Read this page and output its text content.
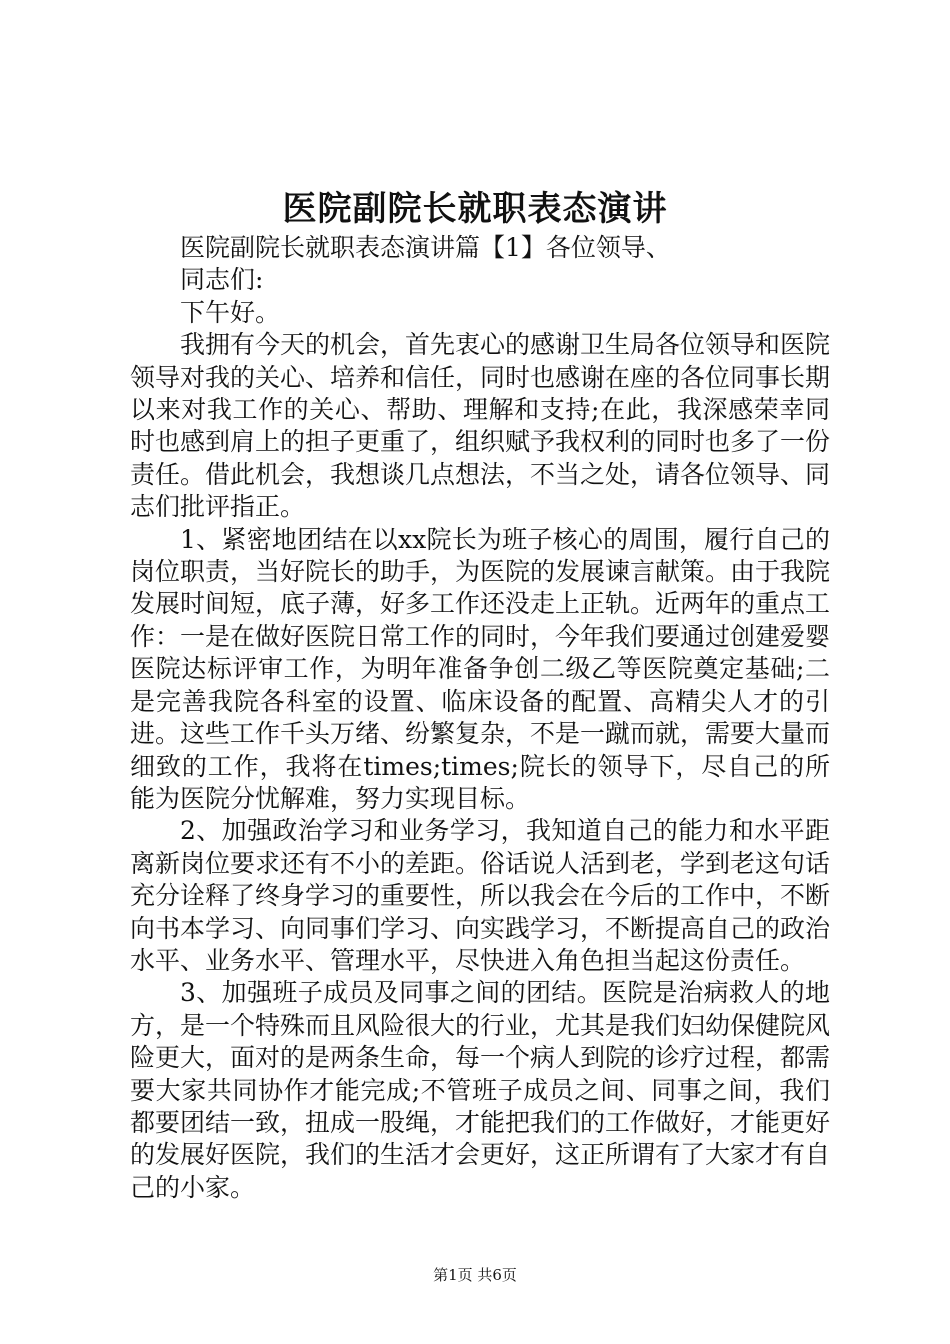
医院副院长就职表态演讲

医院副院长就职表态演讲篇【1】各位领导、

同志们:

下午好。

我拥有今天的机会，首先衷心的感谢卫生局各位领导和医院领导对我的关心、培养和信任，同时也感谢在座的各位同事长期以来对我工作的关心、帮助、理解和支持;在此，我深感荣幸同时也感到肩上的担子更重了，组织赋予我权利的同时也多了一份责任。借此机会，我想谈几点想法，不当之处，请各位领导、同志们批评指正。

1、紧密地团结在以xx院长为班子核心的周围，履行自己的岗位职责，当好院长的助手，为医院的发展谏言献策。由于我院发展时间短，底子薄，好多工作还没走上正轨。近两年的重点工作：一是在做好医院日常工作的同时，今年我们要通过创建爱婴医院达标评审工作，为明年准备争创二级乙等医院奠定基础;二是完善我院各科室的设置、临床设备的配置、高精尖人才的引进。这些工作千头万绪、纷繁复杂，不是一蹴而就，需要大量而细致的工作，我将在times;times;院长的领导下，尽自己的所能为医院分忧解难，努力实现目标。

2、加强政治学习和业务学习，我知道自己的能力和水平距离新岗位要求还有不小的差距。俗话说人活到老，学到老这句话充分诠释了终身学习的重要性，所以我会在今后的工作中，不断向书本学习、向同事们学习、向实践学习，不断提高自己的政治水平、业务水平、管理水平，尽快进入角色担当起这份责任。

3、加强班子成员及同事之间的团结。医院是治病救人的地方，是一个特殊而且风险很大的行业，尤其是我们妇幼保健院风险更大，面对的是两条生命，每一个病人到院的诊疗过程，都需要大家共同协作才能完成;不管班子成员之间、同事之间，我们都要团结一致，扭成一股绳，才能把我们的工作做好，才能更好的发展好医院，我们的生活才会更好，这正所谓有了大家才有自己的小家。

第1页 共6页
